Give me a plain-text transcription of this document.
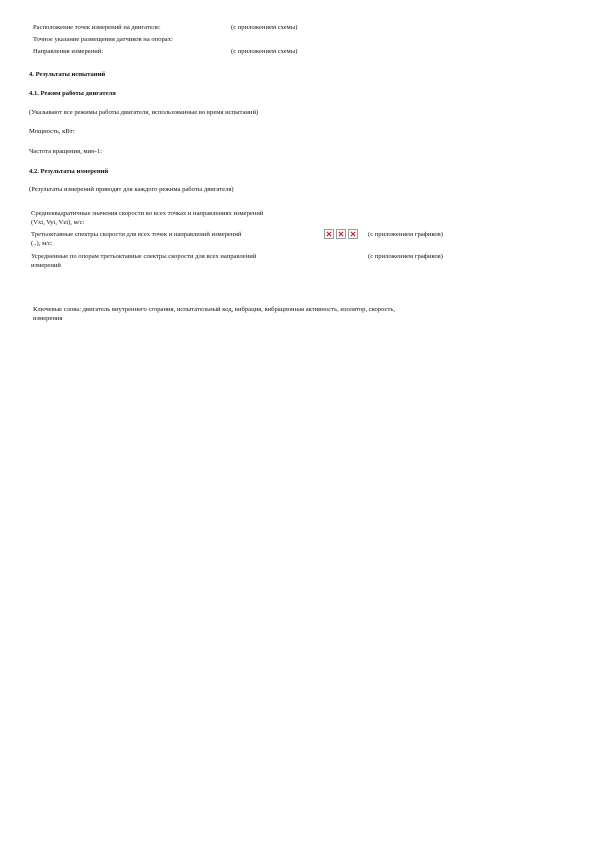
Расположение точек измерений на двигателе:	(с приложением схемы)
Точное указание размещения датчиков на опорах:
Направления измерений:	(с приложением схемы)
4. Результаты испытаний
4.1. Режим работы двигателя
(Указывают все режимы работы двигателя, использованные во время испытаний)
Мощность, кВт:
Частота вращения, мин-1:
4.2. Результаты измерений
(Результаты измерений приводят для каждого режима работы двигателя)
Среднеквадратичные значения скорости во всех точках и направлениях измерений
(Vxi, Vyi, Vzi), м/с:
Третьоктавные спектры скорости для всех точек и направлений измерений	(с приложением графиков)
(..), м/с:
Усредненные по опорам третьоктавные спектры скорости для всех направлений	(с приложением графиков)
измерений
Ключевые слова: двигатель внутреннего сгорания, испытательный код, вибрация, вибрационная активность, изолятор, скорость,
измерения
